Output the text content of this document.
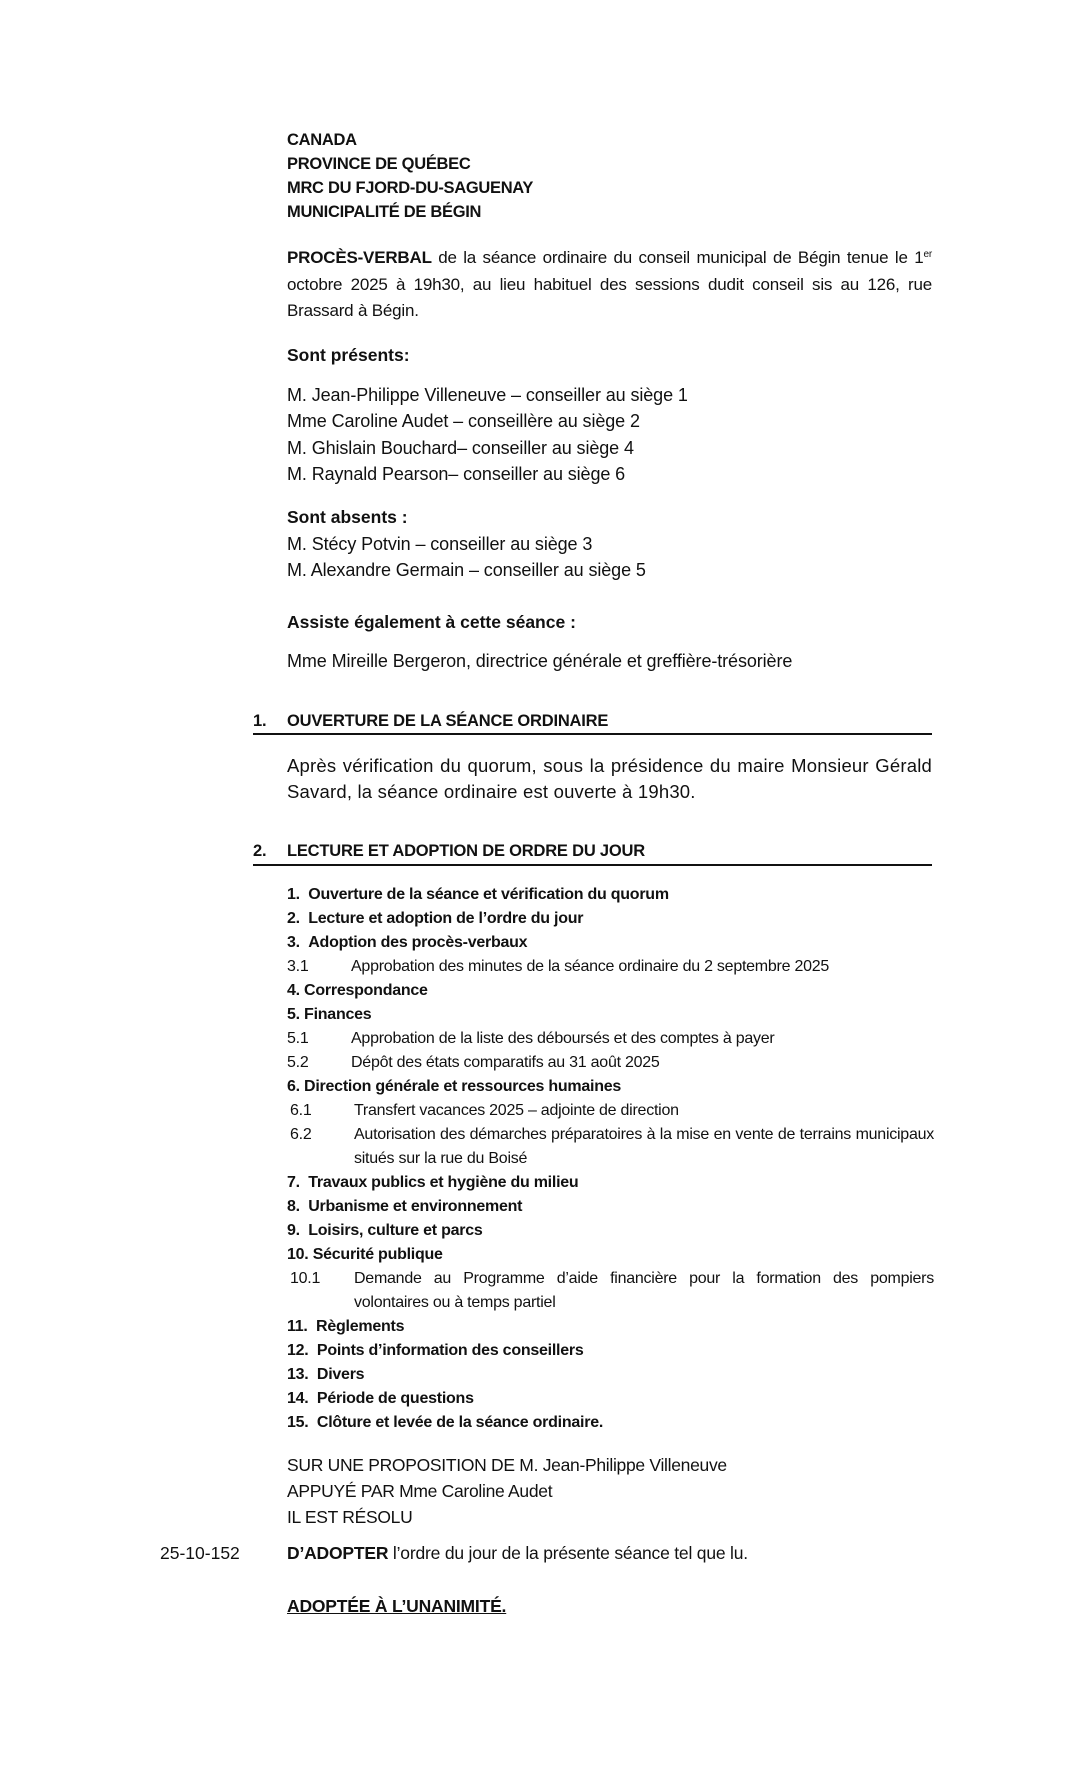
CANADA
PROVINCE DE QUÉBEC
MRC DU FJORD-DU-SAGUENAY
MUNICIPALITÉ DE BÉGIN
PROCÈS-VERBAL de la séance ordinaire du conseil municipal de Bégin tenue le 1er octobre 2025 à 19h30, au lieu habituel des sessions dudit conseil sis au 126, rue Brassard à Bégin.
Sont présents:
M. Jean-Philippe Villeneuve – conseiller au siège 1
Mme Caroline Audet – conseillère au siège 2
M. Ghislain Bouchard– conseiller au siège 4
M. Raynald Pearson– conseiller au siège 6
Sont absents :
M. Stécy Potvin – conseiller au siège 3
M. Alexandre Germain – conseiller au siège 5
Assiste également à cette séance :
Mme Mireille Bergeron, directrice générale et greffière-trésorière
1. OUVERTURE DE LA SÉANCE ORDINAIRE
Après vérification du quorum, sous la présidence du maire Monsieur Gérald Savard, la séance ordinaire est ouverte à 19h30.
2. LECTURE ET ADOPTION DE ORDRE DU JOUR
1. Ouverture de la séance et vérification du quorum
2. Lecture et adoption de l’ordre du jour
3. Adoption des procès-verbaux
3.1	Approbation des minutes de la séance ordinaire du 2 septembre 2025
4. Correspondance
5. Finances
5.1	Approbation de la liste des déboursés et des comptes à payer
5.2	Dépôt des états comparatifs au 31 août 2025
6. Direction générale et ressources humaines
6.1	Transfert vacances 2025 – adjointe de direction
6.2	Autorisation des démarches préparatoires à la mise en vente de terrains municipaux situés sur la rue du Boisé
7. Travaux publics et hygiène du milieu
8. Urbanisme et environnement
9. Loisirs, culture et parcs
10. Sécurité publique
10.1	Demande au Programme d’aide financière pour la formation des pompiers volontaires ou à temps partiel
11. Règlements
12. Points d’information des conseillers
13. Divers
14. Période de questions
15. Clôture et levée de la séance ordinaire.
SUR UNE PROPOSITION DE M. Jean-Philippe Villeneuve
APPUYÉ PAR Mme Caroline Audet
IL EST RÉSOLU
25-10-152	D’ADOPTER l’ordre du jour de la présente séance tel que lu.
ADOPTÉE À L’UNANIMITÉ.
